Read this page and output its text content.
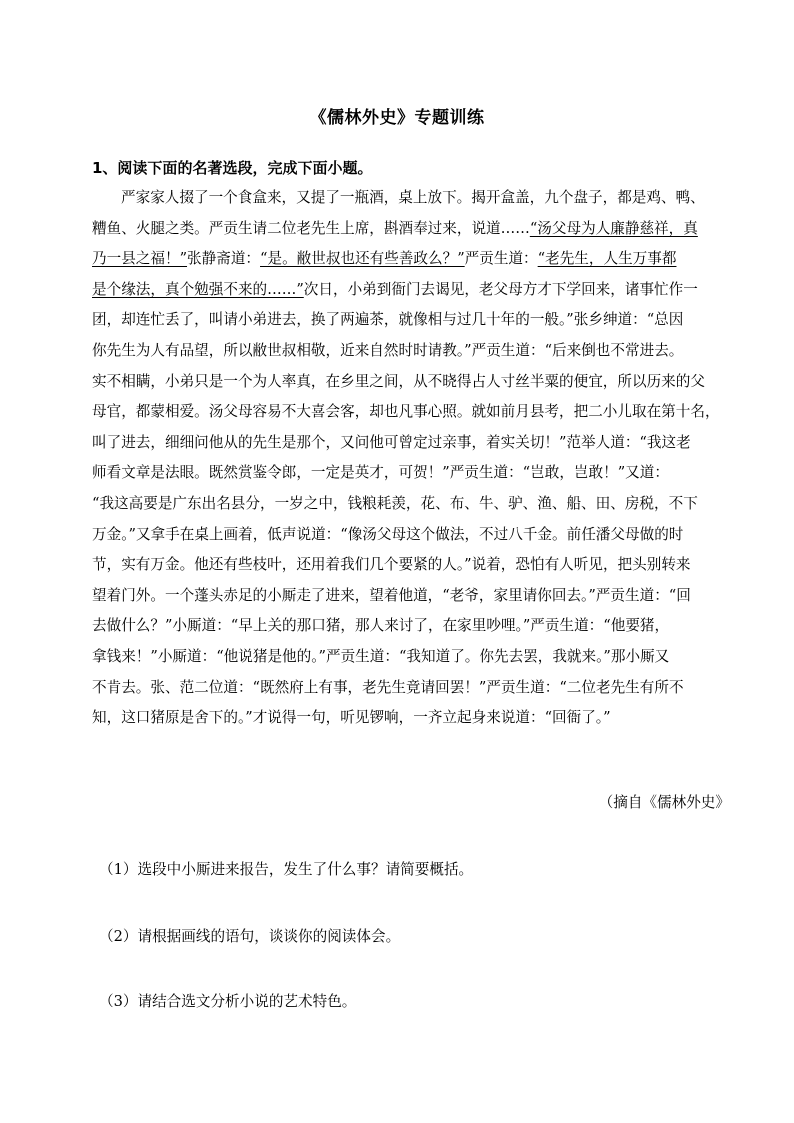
《儒林外史》专题训练
1、阅读下面的名著选段，完成下面小题。
严家家人掇了一个食盒来，又提了一瓶酒，桌上放下。揭开盒盖，九个盘子，都是鸡、鸭、
糟鱼、火腿之类。严贡生请二位老先生上席，斟酒奉过来，说道……“汤父母为人廉静慈祥，真
乃一县之福！”张静斋道：“是。敝世叔也还有些善政么？”严贡生道：“老先生，人生万事都
是个缘法，真个勉强不来的……”次日，小弟到衙门去谒见，老父母方才下学回来，诸事忙作一
团，却连忙丢了，叫请小弟进去，换了两遍茶，就像相与过几十年的一般。”张乡绅道：“总因
你先生为人有品望，所以敝世叔相敬，近来自然时时请教。”严贡生道：“后来倒也不常进去。
实不相瞒，小弟只是一个为人率真，在乡里之间，从不晓得占人寸丝半粟的便宜，所以历来的父
母官，都蒙相爱。汤父母容易不大喜会客，却也凡事心照。就如前月县考，把二小儿取在第十名，
叫了进去，细细问他从的先生是那个，又问他可曾定过亲事，着实关切！”范举人道：“我这老
师看文章是法眼。既然赏鉴令郎，一定是英才，可贺！”严贡生道：“岂敢，岂敢！”又道：
“我这高要是广东出名县分，一岁之中，钱粮耗羡，花、布、牛、驴、渔、船、田、房税，不下
万金。”又拿手在桌上画着，低声说道：“像汤父母这个做法，不过八千金。前任潘父母做的时
节，实有万金。他还有些枝叶，还用着我们几个要紧的人。”说着，恐怕有人听见，把头别转来
望着门外。一个蓬头赤足的小厮走了进来，望着他道，“老爷，家里请你回去。”严贡生道：“回
去做什么？”小厮道：“早上关的那口猪，那人来讨了，在家里吵哩。”严贡生道：“他要猪，
拿钱来！”小厮道：“他说猪是他的。”严贡生道：“我知道了。你先去罢，我就来。”那小厮又
不肯去。张、范二位道：“既然府上有事，老先生竟请回罢！”严贡生道：“二位老先生有所不
知，这口猪原是舍下的。”才说得一句，听见锣响，一齐立起身来说道：“回衙了。”
（摘自《儒林外史》
（1）选段中小厮进来报告，发生了什么事？请简要概括。
（2）请根据画线的语句，谈谈你的阅读体会。
（3）请结合选文分析小说的艺术特色。
